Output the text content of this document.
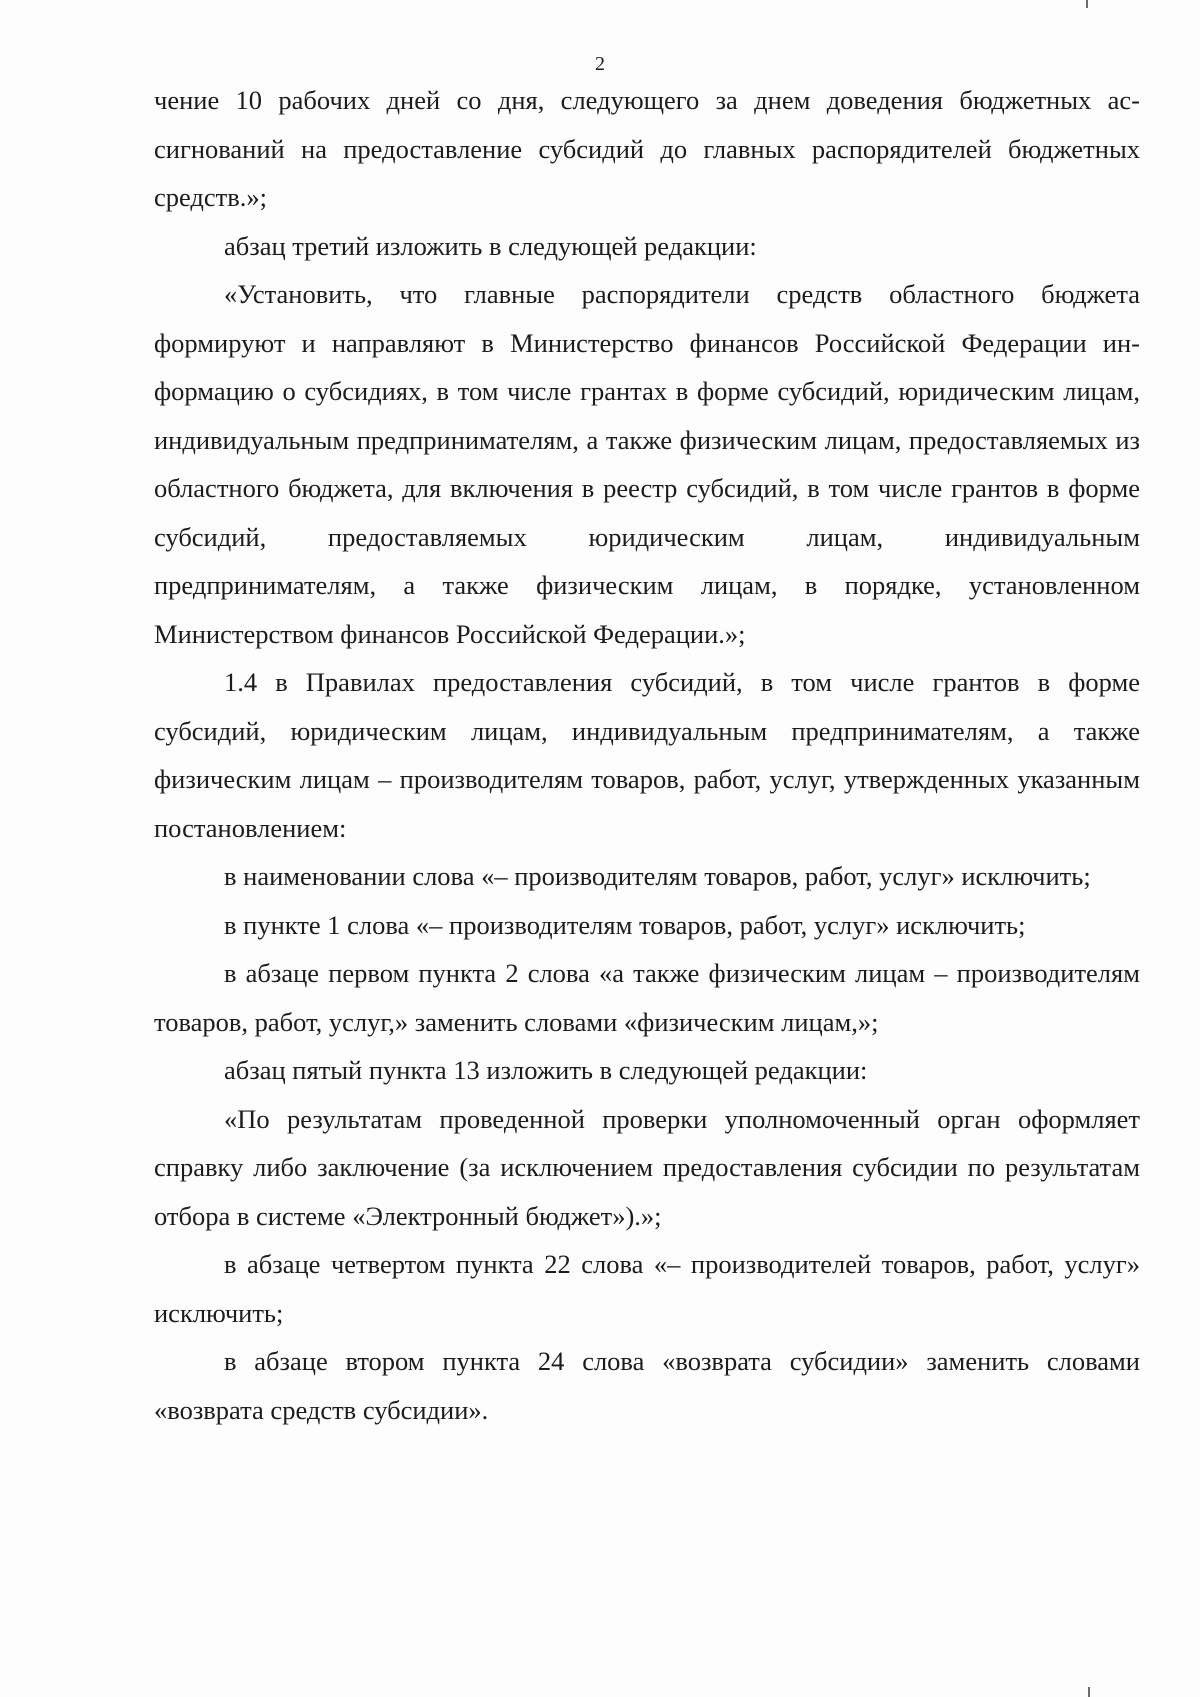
2

чение 10 рабочих дней со дня, следующего за днем доведения бюджетных ассигнований на предоставление субсидий до главных распорядителей бюджетных средств.»;

абзац третий изложить в следующей редакции:

«Установить, что главные распорядители средств областного бюджета формируют и направляют в Министерство финансов Российской Федерации информацию о субсидиях, в том числе грантах в форме субсидий, юридическим лицам, индивидуальным предпринимателям, а также физическим лицам, предоставляемых из областного бюджета, для включения в реестр субсидий, в том числе грантов в форме субсидий, предоставляемых юридическим лицам, индивидуальным предпринимателям, а также физическим лицам, в порядке, установленном Министерством финансов Российской Федерации.»;

1.4 в Правилах предоставления субсидий, в том числе грантов в форме субсидий, юридическим лицам, индивидуальным предпринимателям, а также физическим лицам – производителям товаров, работ, услуг, утвержденных указанным постановлением:

в наименовании слова «– производителям товаров, работ, услуг» исключить;

в пункте 1 слова «– производителям товаров, работ, услуг» исключить;

в абзаце первом пункта 2 слова «а также физическим лицам – производителям товаров, работ, услуг,» заменить словами «физическим лицам,»;

абзац пятый пункта 13 изложить в следующей редакции:

«По результатам проведенной проверки уполномоченный орган оформляет справку либо заключение (за исключением предоставления субсидии по результатам отбора в системе «Электронный бюджет»).»;

в абзаце четвертом пункта 22 слова «– производителей товаров, работ, услуг» исключить;

в абзаце втором пункта 24 слова «возврата субсидии» заменить словами «возврата средств субсидии».
